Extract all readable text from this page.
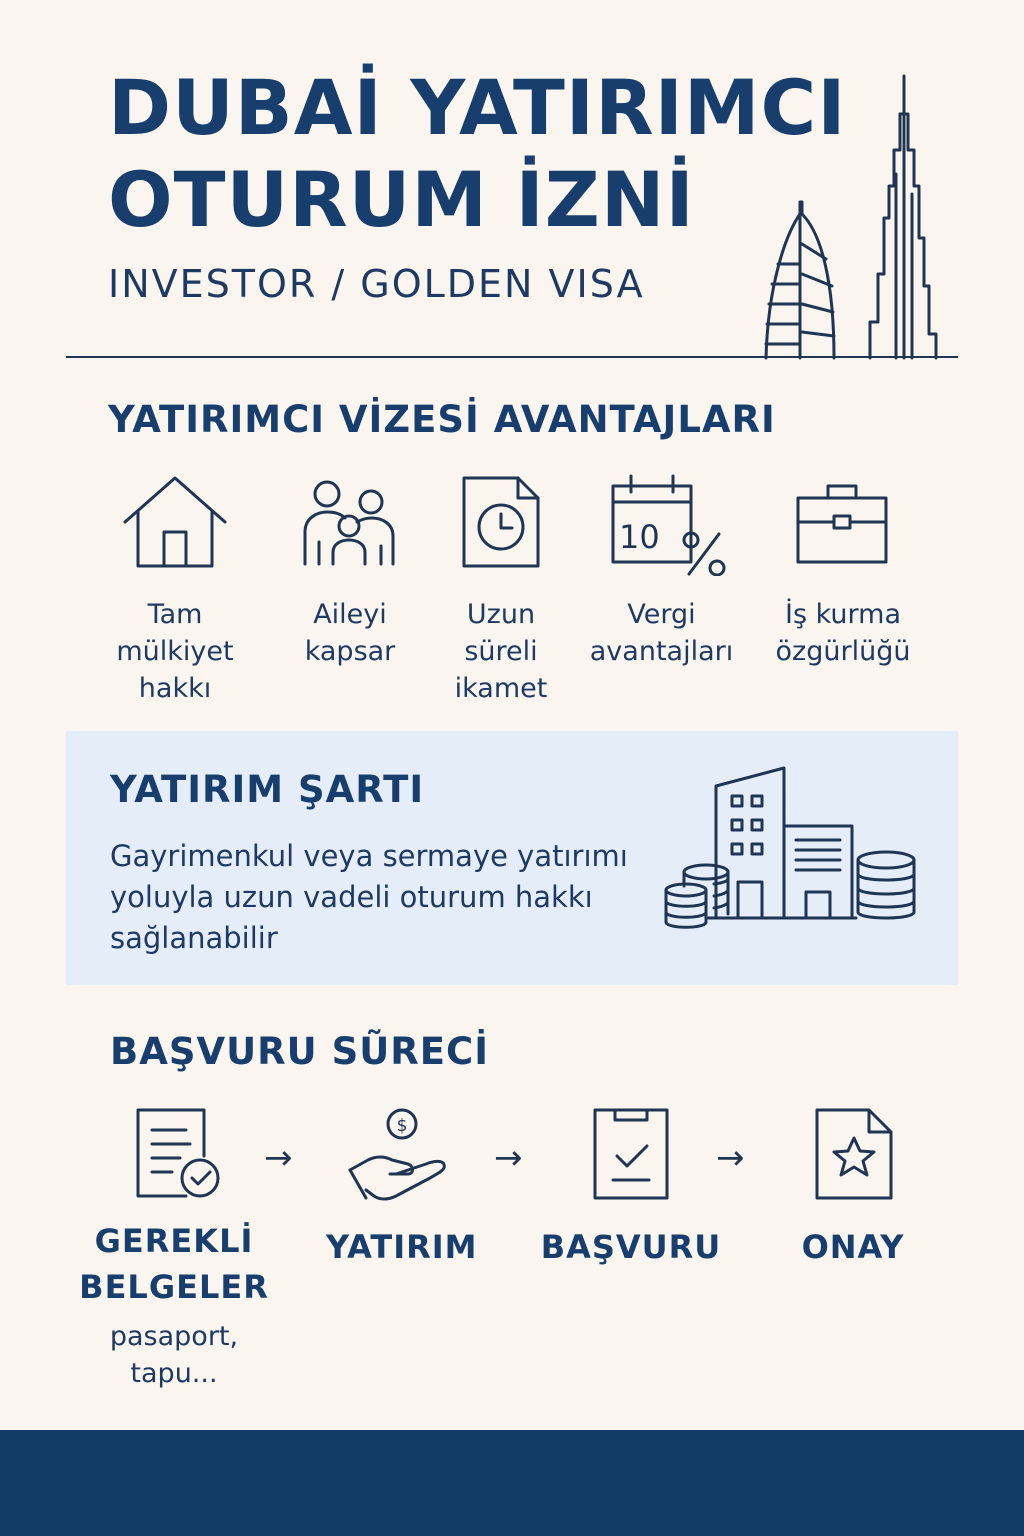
DUBAİ YATIRIMCI
OTURUM İZNİ
INVESTOR / GOLDEN VISA
YATIRIMCI VİZESİ AVANTAJLARI
Tam mülkiyet hakkı
Aileyi kapsar
Uzun süreli ikamet
10
Vergi avantajları
İş kurma özgürlüğü
YATIRIM ŞARTI
Gayrimenkul veya sermaye yatırımı yoluyla uzun vadeli oturum hakkı sağlanabilir
BAŞVURU SŨRECİ
GEREKLİ BELGELER
pasaport, tapu...
→
$
YATIRIM
→
BAŞVURU
→
ONAY
